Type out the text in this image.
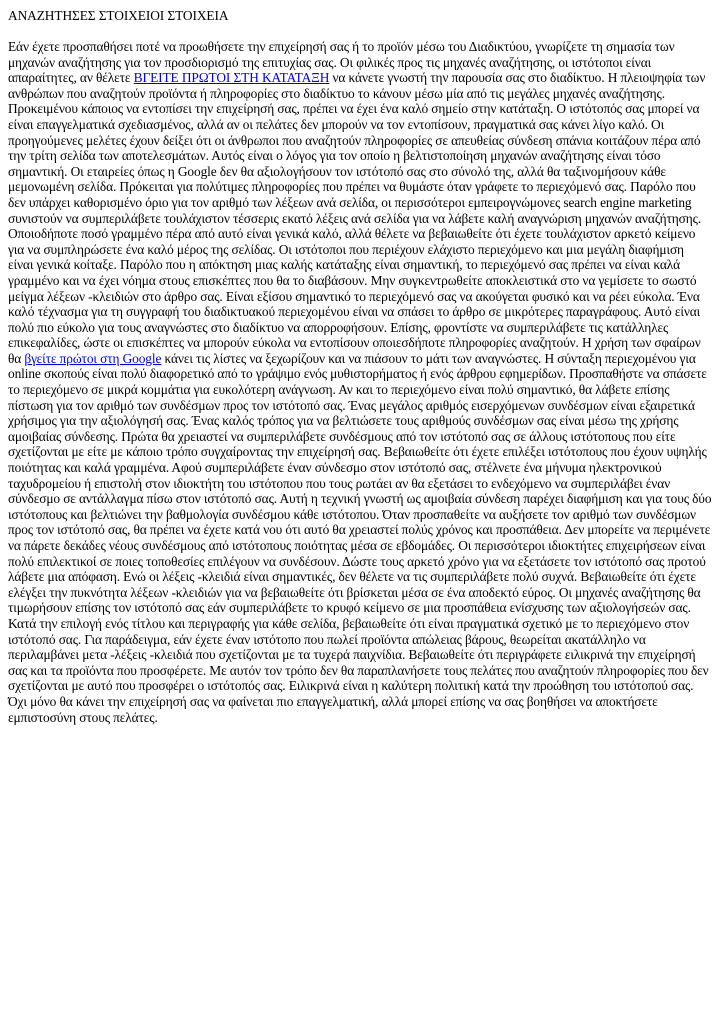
ΑΝΑΖΗΤΗΣΕΣ ΣΤΟΙΧΕΙΟΙ ΣΤΟΙΧΕΙΑ

Εάν έχετε προσπαθήσει ποτέ να προωθήσετε την επιχείρησή σας ή το προϊόν μέσω του Διαδικτύου, γνωρίζετε τη σημασία των μηχανών αναζήτησης για τον προσδιορισμό της επιτυχίας σας. Οι φιλικές προς τις μηχανές αναζήτησης, οι ιστότοποι είναι απαραίτητες, αν θέλετε ΒΓΕΙΤΕ ΠΡΩΤΟΙ ΣΤΗ ΚΑΤΑΤΑΞΗ να κάνετε γνωστή την παρουσία σας στο διαδίκτυο. Η πλειοψηφία των ανθρώπων που αναζητούν προϊόντα ή πληροφορίες στο διαδίκτυο το κάνουν μέσω μία από τις μεγάλες μηχανές αναζήτησης. Προκειμένου κάποιος να εντοπίσει την επιχείρησή σας, πρέπει να έχει ένα καλό σημείο στην κατάταξη. Ο ιστότοπός σας μπορεί να είναι επαγγελματικά σχεδιασμένος, αλλά αν οι πελάτες δεν μπορούν να τον εντοπίσουν, πραγματικά σας κάνει λίγο καλό. Οι προηγούμενες μελέτες έχουν δείξει ότι οι άνθρωποι που αναζητούν πληροφορίες σε απευθείας σύνδεση σπάνια κοιτάζουν πέρα από την τρίτη σελίδα των αποτελεσμάτων. Αυτός είναι ο λόγος για τον οποίο η βελτιστοποίηση μηχανών αναζήτησης είναι τόσο σημαντική. Οι εταιρείες όπως η Google δεν θα αξιολογήσουν τον ιστότοπό σας στο σύνολό της, αλλά θα ταξινομήσουν κάθε μεμονωμένη σελίδα. Πρόκειται για πολύτιμες πληροφορίες που πρέπει να θυμάστε όταν γράφετε το περιεχόμενό σας. Παρόλο που δεν υπάρχει καθορισμένο όριο για τον αριθμό των λέξεων ανά σελίδα, οι περισσότεροι εμπειρογνώμονες search engine marketing συνιστούν να συμπεριλάβετε τουλάχιστον τέσσερις εκατό λέξεις ανά σελίδα για να λάβετε καλή αναγνώριση μηχανών αναζήτησης. Οποιοδήποτε ποσό γραμμένο πέρα από αυτό είναι γενικά καλό, αλλά θέλετε να βεβαιωθείτε ότι έχετε τουλάχιστον αρκετό κείμενο για να συμπληρώσετε ένα καλό μέρος της σελίδας. Οι ιστότοποι που περιέχουν ελάχιστο περιεχόμενο και μια μεγάλη διαφήμιση είναι γενικά κοίταξε. Παρόλο που η απόκτηση μιας καλής κατάταξης είναι σημαντική, το περιεχόμενό σας πρέπει να είναι καλά γραμμένο και να έχει νόημα στους επισκέπτες που θα το διαβάσουν. Μην συγκεντρωθείτε αποκλειστικά στο να γεμίσετε το σωστό μείγμα λέξεων -κλειδιών στο άρθρο σας. Είναι εξίσου σημαντικό το περιεχόμενό σας να ακούγεται φυσικό και να ρέει εύκολα. Ένα καλό τέχνασμα για τη συγγραφή του διαδικτυακού περιεχομένου είναι να σπάσει το άρθρο σε μικρότερες παραγράφους. Αυτό είναι πολύ πιο εύκολο για τους αναγνώστες στο διαδίκτυο να απορροφήσουν. Επίσης, φροντίστε να συμπεριλάβετε τις κατάλληλες επικεφαλίδες, ώστε οι επισκέπτες να μπορούν εύκολα να εντοπίσουν οποιεσδήποτε πληροφορίες αναζητούν. Η χρήση των σφαίρων θα βγείτε πρώτοι στη Google κάνει τις λίστες να ξεχωρίζουν και να πιάσουν το μάτι των αναγνώστες. Η σύνταξη περιεχομένου για online σκοπούς είναι πολύ διαφορετικό από το γράψιμο ενός μυθιστορήματος ή ενός άρθρου εφημερίδων. Προσπαθήστε να σπάσετε το περιεχόμενο σε μικρά κομμάτια για ευκολότερη ανάγνωση. Αν και το περιεχόμενο είναι πολύ σημαντικό, θα λάβετε επίσης πίστωση για τον αριθμό των συνδέσμων προς τον ιστότοπό σας. Ένας μεγάλος αριθμός εισερχόμενων συνδέσμων είναι εξαιρετικά χρήσιμος για την αξιολόγησή σας. Ένας καλός τρόπος για να βελτιώσετε τους αριθμούς συνδέσμων σας είναι μέσω της χρήσης αμοιβαίας σύνδεσης. Πρώτα θα χρειαστεί να συμπεριλάβετε συνδέσμους από τον ιστότοπό σας σε άλλους ιστότοπους που είτε σχετίζονται με είτε με κάποιο τρόπο συγχαίροντας την επιχείρησή σας. Βεβαιωθείτε ότι έχετε επιλέξει ιστότοπους που έχουν υψηλής ποιότητας και καλά γραμμένα. Αφού συμπεριλάβετε έναν σύνδεσμο στον ιστότοπό σας, στέλνετε ένα μήνυμα ηλεκτρονικού ταχυδρομείου ή επιστολή στον ιδιοκτήτη του ιστότοπου που τους ρωτάει αν θα εξετάσει το ενδεχόμενο να συμπεριλάβει έναν σύνδεσμο σε αντάλλαγμα πίσω στον ιστότοπό σας. Αυτή η τεχνική γνωστή ως αμοιβαία σύνδεση παρέχει διαφήμιση και για τους δύο ιστότοπους και βελτιώνει την βαθμολογία συνδέσμου κάθε ιστότοπου. Όταν προσπαθείτε να αυξήσετε τον αριθμό των συνδέσμων προς τον ιστότοπό σας, θα πρέπει να έχετε κατά νου ότι αυτό θα χρειαστεί πολύς χρόνος και προσπάθεια. Δεν μπορείτε να περιμένετε να πάρετε δεκάδες νέους συνδέσμους από ιστότοπους ποιότητας μέσα σε εβδομάδες. Οι περισσότεροι ιδιοκτήτες επιχειρήσεων είναι πολύ επιλεκτικοί σε ποιες τοποθεσίες επιλέγουν να συνδέσουν. Δώστε τους αρκετό χρόνο για να εξετάσετε τον ιστότοπό σας προτού λάβετε μια απόφαση. Ενώ οι λέξεις -κλειδιά είναι σημαντικές, δεν θέλετε να τις συμπεριλάβετε πολύ συχνά. Βεβαιωθείτε ότι έχετε ελέγξει την πυκνότητα λέξεων -κλειδιών για να βεβαιωθείτε ότι βρίσκεται μέσα σε ένα αποδεκτό εύρος. Οι μηχανές αναζήτησης θα τιμωρήσουν επίσης τον ιστότοπό σας εάν συμπεριλάβετε το κρυφό κείμενο σε μια προσπάθεια ενίσχυσης των αξιολογήσεών σας. Κατά την επιλογή ενός τίτλου και περιγραφής για κάθε σελίδα, βεβαιωθείτε ότι είναι πραγματικά σχετικό με το περιεχόμενο στον ιστότοπό σας. Για παράδειγμα, εάν έχετε έναν ιστότοπο που πωλεί προϊόντα απώλειας βάρους, θεωρείται ακατάλληλο να περιλαμβάνει μετα -λέξεις -κλειδιά που σχετίζονται με τα τυχερά παιχνίδια. Βεβαιωθείτε ότι περιγράφετε ειλικρινά την επιχείρησή σας και τα προϊόντα που προσφέρετε. Με αυτόν τον τρόπο δεν θα παραπλανήσετε τους πελάτες που αναζητούν πληροφορίες που δεν σχετίζονται με αυτό που προσφέρει ο ιστότοπός σας. Ειλικρινά είναι η καλύτερη πολιτική κατά την προώθηση του ιστότοπού σας. Όχι μόνο θα κάνει την επιχείρησή σας να φαίνεται πιο επαγγελματική, αλλά μπορεί επίσης να σας βοηθήσει να αποκτήσετε εμπιστοσύνη στους πελάτες.
